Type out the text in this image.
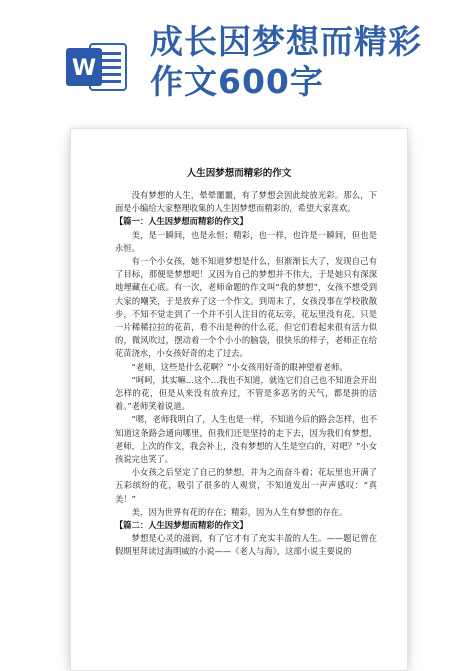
W
成长因梦想而精彩
作文600字
人生因梦想而精彩的作文

没有梦想的人生，晕晕噩噩，有了梦想会因此绽放光彩。那么，下面是小编给大家整理收集的人生因梦想而精彩的，希望大家喜欢。

【篇一：人生因梦想而精彩的作文】

美，是一瞬间，也是永恒；精彩，也一样，也许是一瞬间，但也是永恒。

有一个小女孩，她不知道梦想是什么，但渐渐长大了，发现自己有了目标，那便是梦想吧！又因为自己的梦想并不伟大，于是她只有深深地埋藏在心底。有一次，老师命题的作文叫“我的梦想”，女孩不想受到大家的嘲笑，于是放弃了这一个作文。到周末了，女孩没事在学校散散步，不知不觉走到了一个并不引人注目的花坛旁，花坛里没有花，只是一片稀稀拉拉的花苗，看不出是种的什么花，但它们看起来很有活力似的，微风吹过，摆动着一个个小小的脑袋，很快乐的样子，老师正在给花苗浇水，小女孩好奇的走了过去。

“老师，这些是什么花啊？”小女孩用好奇的眼神望着老师。

“呵呵，其实嘛…这个…我也不知道，就连它们自己也不知道会开出怎样的花，但是从来没有放弃过，不管是多恶劣的天气，都是拼的活着。”老师笑着说道。

“嗯，老师我明白了，人生也是一样，不知道今后的路会怎样，也不知道这条路会通向哪里，但我们还是坚持的走下去，因为我们有梦想，老师，上次的作文，我会补上，没有梦想的人生是空白的，对吧？”小女孩说完也笑了。

小女孩之后坚定了自己的梦想，并为之而奋斗着；花坛里也开满了五彩缤纷的花，吸引了很多的人观赏，不知道发出一声声感叹：“真美！”

美，因为世界有花的存在；精彩，因为人生有梦想的存在。

【篇二：人生因梦想而精彩的作文】

梦想是心灵的滋润，有了它才有了充实丰盈的人生。——题记曾在假期里拜读过海明威的小说——《老人与海》，这部小说主要说的
